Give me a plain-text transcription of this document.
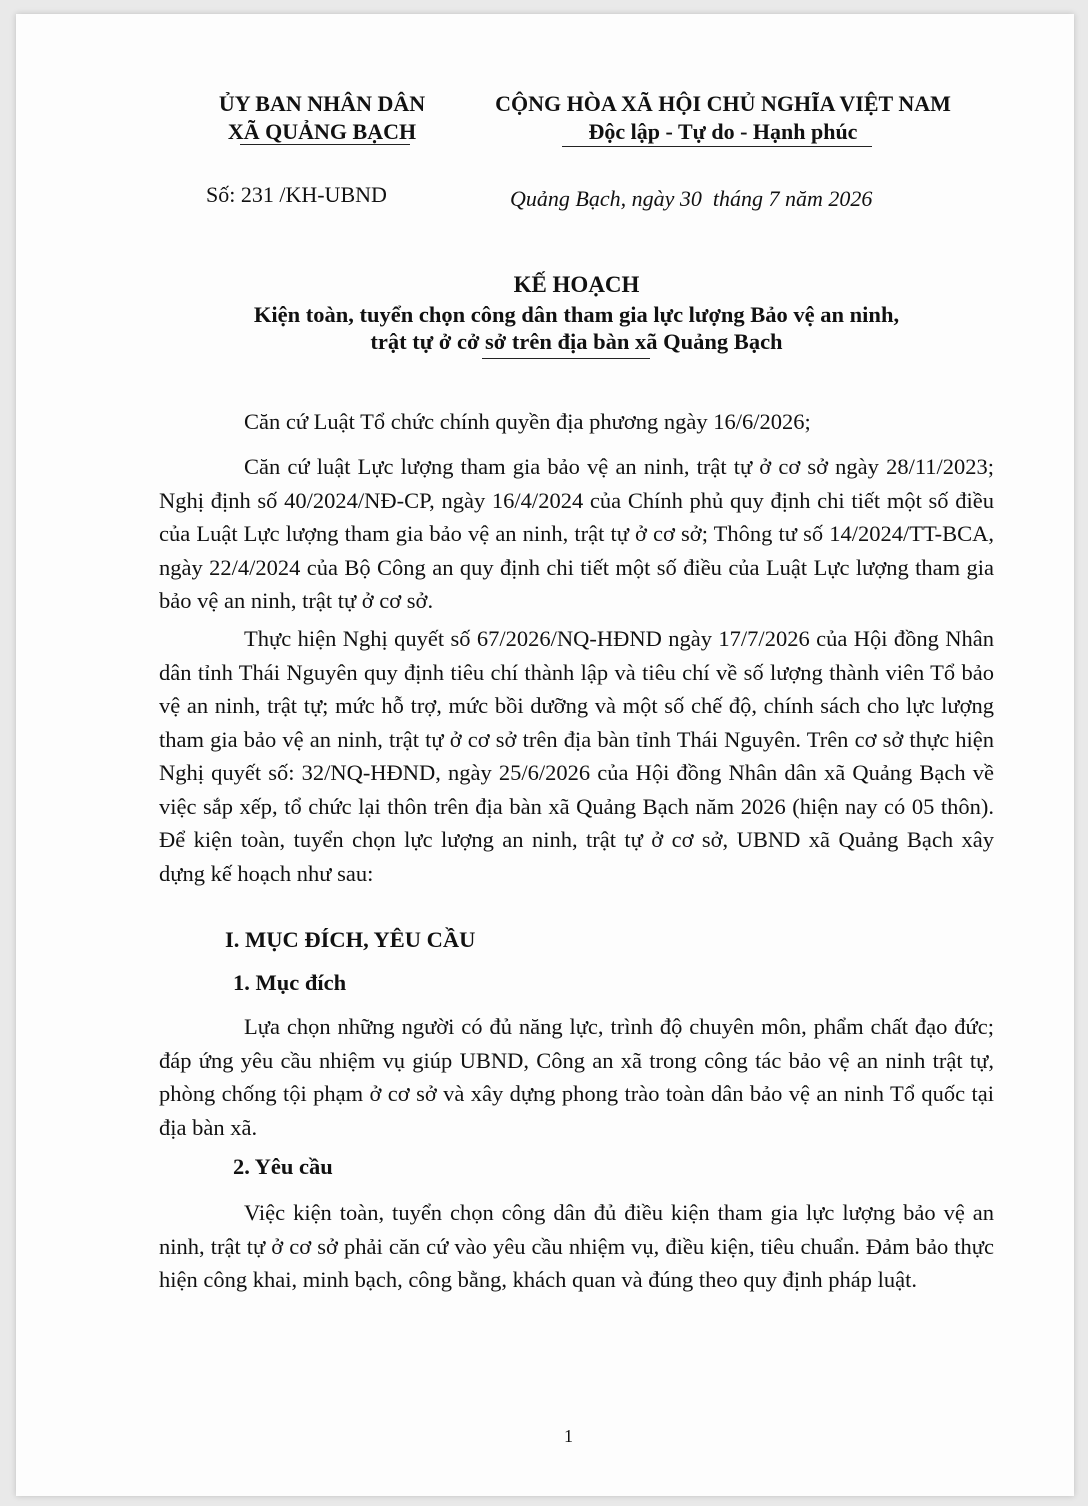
ỦY BAN NHÂN DÂN
XÃ QUẢNG BẠCH
CỘNG HÒA XÃ HỘI CHỦ NGHĨA VIỆT NAM
Độc lập - Tự do - Hạnh phúc
Số: 231 /KH-UBND	Quảng Bạch, ngày 30  tháng 7 năm 2026
KẾ HOẠCH
Kiện toàn, tuyển chọn công dân tham gia lực lượng Bảo vệ an ninh,
trật tự ở cở sở trên địa bàn xã Quảng Bạch
Căn cứ Luật Tổ chức chính quyền địa phương ngày 16/6/2026;
Căn cứ luật Lực lượng tham gia bảo vệ an ninh, trật tự ở cơ sở ngày 28/11/2023; Nghị định số 40/2024/NĐ-CP, ngày 16/4/2024 của Chính phủ quy định chi tiết một số điều của Luật Lực lượng tham gia bảo vệ an ninh, trật tự ở cơ sở; Thông tư số 14/2024/TT-BCA, ngày 22/4/2024 của Bộ Công an quy định chi tiết một số điều của Luật Lực lượng tham gia bảo vệ an ninh, trật tự ở cơ sở.
Thực hiện Nghị quyết số 67/2026/NQ-HĐND ngày 17/7/2026 của Hội đồng Nhân dân tỉnh Thái Nguyên quy định tiêu chí thành lập và tiêu chí về số lượng thành viên Tổ bảo vệ an ninh, trật tự; mức hỗ trợ, mức bồi dưỡng và một số chế độ, chính sách cho lực lượng tham gia bảo vệ an ninh, trật tự ở cơ sở trên địa bàn tỉnh Thái Nguyên. Trên cơ sở thực hiện Nghị quyết số: 32/NQ-HĐND, ngày 25/6/2026 của Hội đồng Nhân dân xã Quảng Bạch về việc sắp xếp, tổ chức lại thôn trên địa bàn xã Quảng Bạch năm 2026 (hiện nay có 05 thôn). Để kiện toàn, tuyển chọn lực lượng an ninh, trật tự ở cơ sở, UBND xã Quảng Bạch xây dựng kế hoạch như sau:
I. MỤC ĐÍCH, YÊU CẦU
1. Mục đích
Lựa chọn những người có đủ năng lực, trình độ chuyên môn, phẩm chất đạo đức; đáp ứng yêu cầu nhiệm vụ giúp UBND, Công an xã trong công tác bảo vệ an ninh trật tự, phòng chống tội phạm ở cơ sở và xây dựng phong trào toàn dân bảo vệ an ninh Tổ quốc tại địa bàn xã.
2. Yêu cầu
Việc kiện toàn, tuyển chọn công dân đủ điều kiện tham gia lực lượng bảo vệ an ninh, trật tự ở cơ sở phải căn cứ vào yêu cầu nhiệm vụ, điều kiện, tiêu chuẩn. Đảm bảo thực hiện công khai, minh bạch, công bằng, khách quan và đúng theo quy định pháp luật.
1
